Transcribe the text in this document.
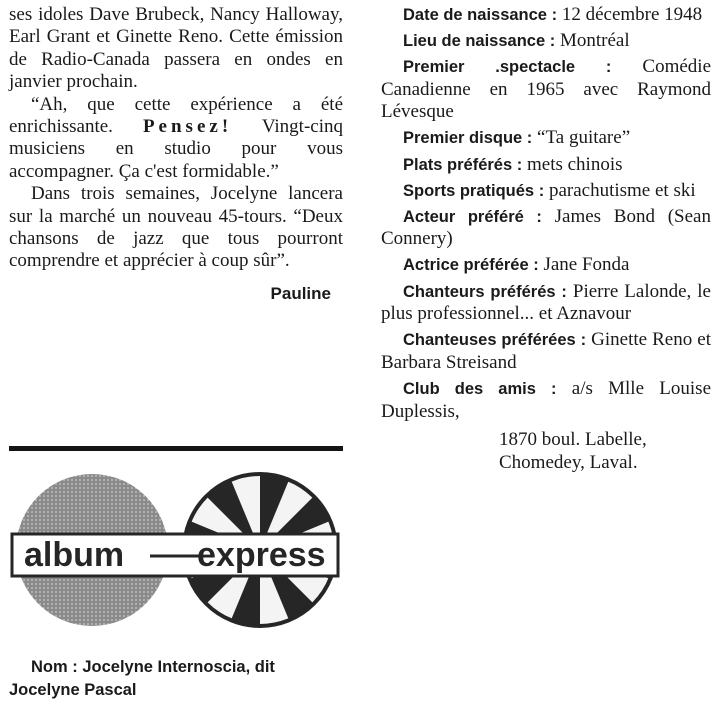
ses idoles Dave Brubeck, Nancy Halloway, Earl Grant et Ginette Reno. Cette émission de Radio-Canada passera en ondes en janvier prochain.

“Ah, que cette expérience a été enrichissante. Pensez! Vingt-cinq musiciens en studio pour vous accompagner. Ça c'est formidable.”

Dans trois semaines, Jocelyne lancera sur la marché un nouveau 45-tours. “Deux chansons de jazz que tous pourront comprendre et apprécier à coup sûr”.

Pauline
album express
Nom : Jocelyne Internoscia, dit Jocelyne Pascal

Date de naissance : 12 décembre 1948

Lieu de naissance : Montréal

Premier .spectacle : Comédie Canadienne en 1965 avec Raymond Lévesque

Premier disque : “Ta guitare”

Plats préférés : mets chinois

Sports pratiqués : parachutisme et ski

Acteur préféré : James Bond (Sean Connery)

Actrice préférée : Jane Fonda

Chanteurs préférés : Pierre Lalonde, le plus professionnel... et Aznavour

Chanteuses préférées : Ginette Reno et Barbara Streisand

Club des amis : a/s Mlle Louise Duplessis,

1870 boul. Labelle,
Chomedey, Laval.
